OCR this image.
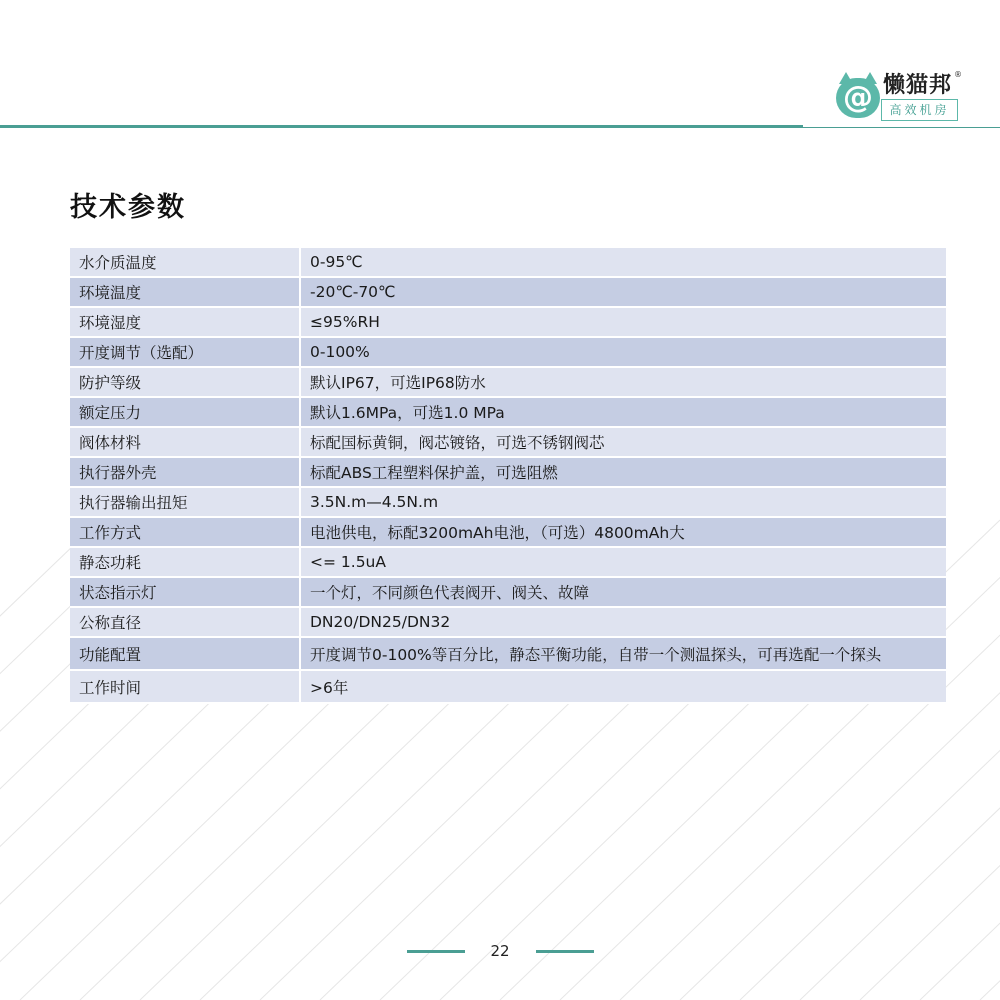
@ 懒猫邦 ®
高效机房
技术参数
水介质温度	0-95℃
环境温度	-20℃-70℃
环境湿度	≤95%RH
开度调节（选配）	0-100%
防护等级	默认IP67，可选IP68防水
额定压力	默认1.6MPa，可选1.0 MPa
阀体材料	标配国标黄铜，阀芯镀铬，可选不锈钢阀芯
执行器外壳	标配ABS工程塑料保护盖，可选阻燃
执行器输出扭矩	3.5N.m—4.5N.m
工作方式	电池供电，标配3200mAh电池，（可选）4800mAh大
静态功耗	<= 1.5uA
状态指示灯	一个灯，不同颜色代表阀开、阀关、故障
公称直径	DN20/DN25/DN32
功能配置	开度调节0-100%等百分比，静态平衡功能，自带一个测温探头，可再选配一个探头
工作时间	>6年
22
